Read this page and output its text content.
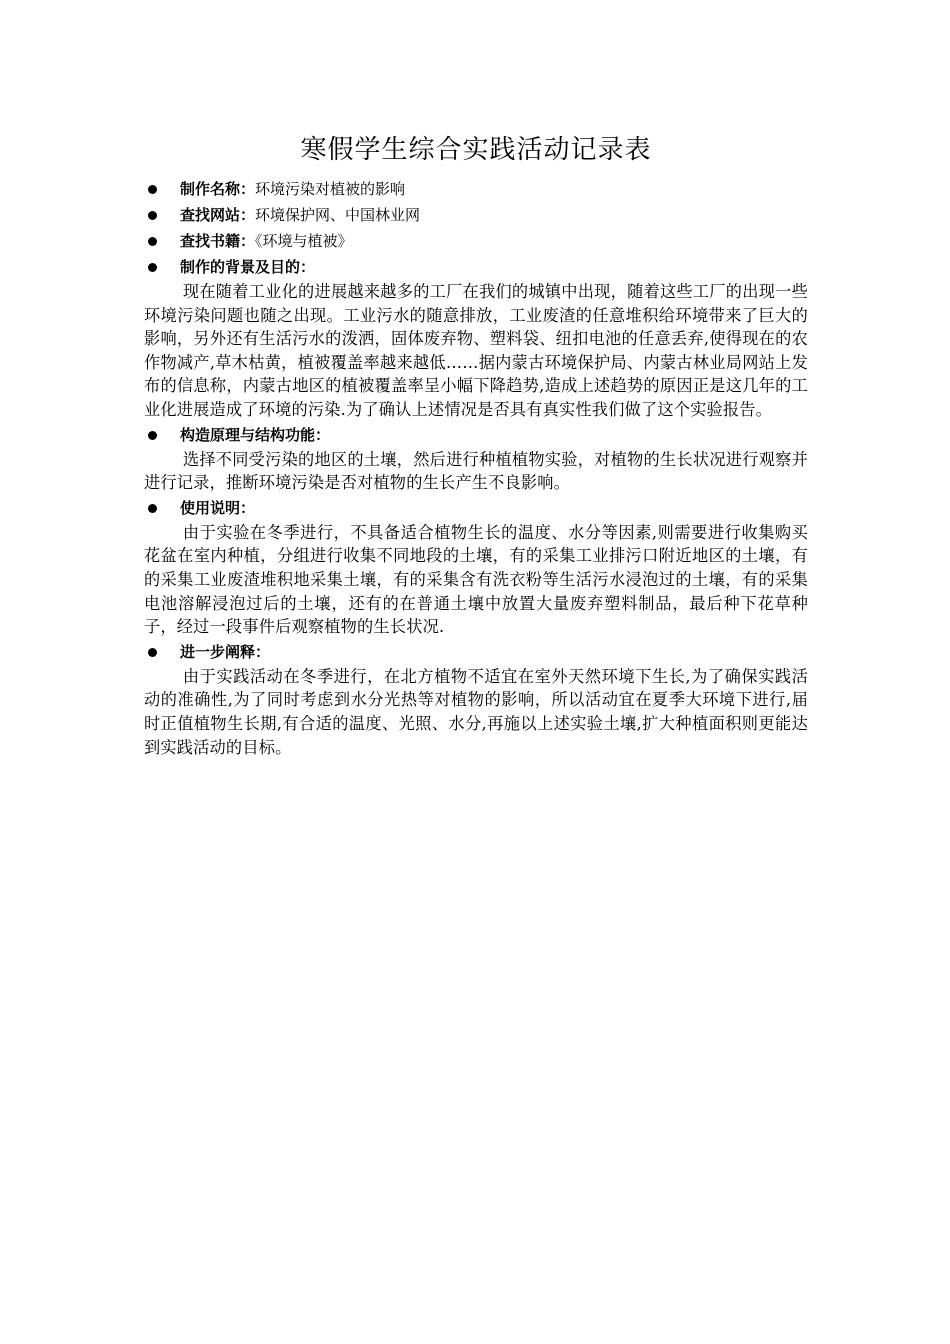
寒假学生综合实践活动记录表
制作名称：环境污染对植被的影响
查找网站：环境保护网、中国林业网
查找书籍：《环境与植被》
制作的背景及目的：

现在随着工业化的进展越来越多的工厂在我们的城镇中出现，随着这些工厂的出现一些环境污染问题也随之出现。工业污水的随意排放，工业废渣的任意堆积给环境带来了巨大的影响，另外还有生活污水的泼洒，固体废弃物、塑料袋、纽扣电池的任意丢弃,使得现在的农作物减产,草木枯黄，植被覆盖率越来越低……据内蒙古环境保护局、内蒙古林业局网站上发布的信息称，内蒙古地区的植被覆盖率呈小幅下降趋势,造成上述趋势的原因正是这几年的工业化进展造成了环境的污染.为了确认上述情况是否具有真实性我们做了这个实验报告。

构造原理与结构功能：

选择不同受污染的地区的土壤，然后进行种植植物实验，对植物的生长状况进行观察并进行记录，推断环境污染是否对植物的生长产生不良影响。

使用说明：

由于实验在冬季进行，不具备适合植物生长的温度、水分等因素,则需要进行收集购买花盆在室内种植，分组进行收集不同地段的土壤，有的采集工业排污口附近地区的土壤，有的采集工业废渣堆积地采集土壤，有的采集含有洗衣粉等生活污水浸泡过的土壤，有的采集电池溶解浸泡过后的土壤，还有的在普通土壤中放置大量废弃塑料制品，最后种下花草种子，经过一段事件后观察植物的生长状况.

进一步阐释：

由于实践活动在冬季进行，在北方植物不适宜在室外天然环境下生长,为了确保实践活动的准确性,为了同时考虑到水分光热等对植物的影响，所以活动宜在夏季大环境下进行,届时正值植物生长期,有合适的温度、光照、水分,再施以上述实验土壤,扩大种植面积则更能达到实践活动的目标。
